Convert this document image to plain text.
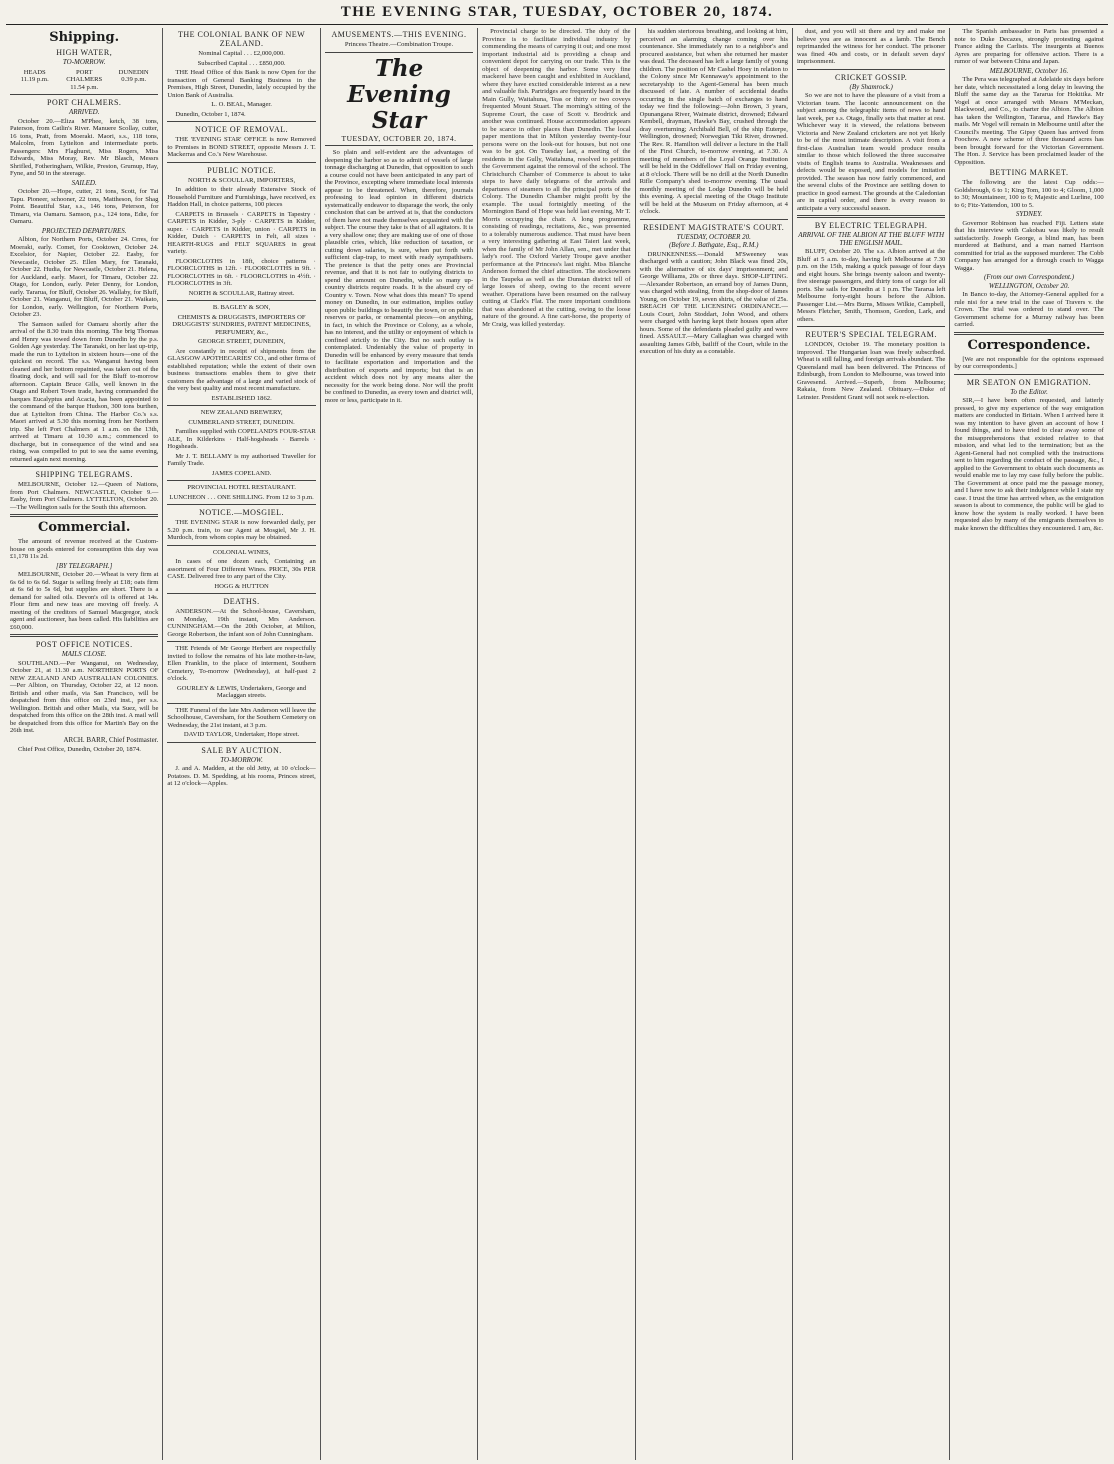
THE EVENING STAR, TUESDAY, OCTOBER 20, 1874.
Shipping.
HIGH WATER,
TO-MORROW.
HEADS
11.19 p.m.
PORT CHALMERS
11.54 p.m.
DUNEDIN
0.39 p.m.
PORT CHALMERS.
ARRIVED.

October 20.—Eliza M'Phee, ketch, 38 tons, Paterson, from Catlin's River. Manuere Scollay, cutter, 16 tons, Pratt, from Moeraki. Maori, s.s., 118 tons, Malcolm, from Lyttelton and intermediate ports. Passengers: Mrs Flaghurst, Miss Rogers, Miss Edwards, Miss Moray, Rev. Mr Blasch, Messrs Shrifled, Fotheringham, Wilkie, Preston, Grumup, Hay, Fyne, and 50 in the steerage.

SAILED.

October 20.—Hope, cutter, 21 tons, Scott, for Tai Tapu. Pioneer, schooner, 22 tons, Mattheson, for Shag Point. Beautiful Star, s.s., 146 tons, Peterson, for Timaru, via Oamaru. Samson, p.s., 124 tons, Edie, for Oamaru.

PROJECTED DEPARTURES.

Albion, for Northern Ports, October 24. Crres, for Moeraki, early. Comet, for Cooktown, October 24. Excelsior, for Napier, October 22. Easby, for Newcastle, October 25. Ellen Mary, for Taranaki, October 22. Hudia, for Newcastle, October 21. Helena, for Auckland, early. Maori, for Timaru, October 22. Otago, for London, early. Peter Denny, for London, early. Tararua, for Bluff, October 26. Wallaby, for Bluff, October 21. Wanganui, for Bluff, October 21. Waikato, for London, early. Wellington, for Northern Ports, October 23.

The Samson sailed for Oamaru shortly after the arrival of the 8.30 train this morning. The brig Thomas and Henry was towed down from Dunedin by the p.s. Golden Age yesterday. The Taranaki, on her last up-trip, made the run to Lyttelton in sixteen hours—one of the quickest on record. The s.s. Wanganui having been cleaned and her bottom repainted, was taken out of the floating dock, and will sail for the Bluff to-morrow afternoon. Captain Bruce Gills, well known in the Otago and Robert Town trade, having commanded the barques Eucalyptus and Acacia, has been appointed to the command of the barque Hudson, 300 tons burthen, due at Lyttelton from China. The Harbor Co.'s s.s. Maori arrived at 5.30 this morning from her Northern trip. She left Port Chalmers at 1 a.m. on the 13th, arrived at Timaru at 10.30 a.m.; commenced to discharge, but in consequence of the wind and sea rising, was compelled to put to sea the same evening, returned again next morning.

SHIPPING TELEGRAMS.

MELBOURNE, October 12.—Queen of Nations, from Port Chalmers. NEWCASTLE, October 9.—Easby, from Port Chalmers. LYTTELTON, October 20.—The Wellington sails for the South this afternoon.

Commercial.

The amount of revenue received at the Custom-house on goods entered for consumption this day was £1,178 11s 2d.

[BY TELEGRAPH.]

MELBOURNE, October 20.—Wheat is very firm at 6s 6d to 6s 6d. Sugar is selling freely at £18; oats firm at 6s 6d to 5s 6d, but supplies are short. There is a demand for salted oils. Devon's oil is offered at 14s. Flour firm and new teas are moving off freely. A meeting of the creditors of Samuel Macgregor, stock agent and auctioneer, has been called. His liabilities are £60,000.

POST OFFICE NOTICES.
MAILS CLOSE.

SOUTHLAND.—Per Wanganui, on Wednesday, October 21, at 11.30 a.m. NORTHERN PORTS OF NEW ZEALAND AND AUSTRALIAN COLONIES.—Per Albion, on Thursday, October 22, at 12 noon. British and other mails, via San Francisco, will be despatched from this office on 23rd inst., per s.s. Wellington. British and other Mails, via Suez, will be despatched from this office on the 28th inst. A mail will be despatched from this office for Martin's Bay on the 26th inst.

ARCH. BARR, Chief Postmaster.

Chief Post Office, Dunedin, October 20, 1874.

THE COLONIAL BANK OF NEW ZEALAND.
Nominal Capital . . . £2,000,000.
Subscribed Capital . . . £850,000.

THE Head Office of this Bank is now Open for the transaction of General Banking Business in the Premises, High Street, Dunedin, lately occupied by the Union Bank of Australia.

L. O. BEAL, Manager.

Dunedin, October 1, 1874.

NOTICE OF REMOVAL.

THE 'EVENING STAR' OFFICE is now Removed to Premises in BOND STREET, opposite Messrs J. T. Mackerras and Co.'s New Warehouse.

PUBLIC NOTICE.
NORTH & SCOULLAR, IMPORTERS,

In addition to their already Extensive Stock of Household Furniture and Furnishings, have received, ex Haddon Hall, in choice patterns, 100 pieces

CARPETS in Brussels · CARPETS in Tapestry · CARPETS in Kidder, 3-ply · CARPETS in Kidder, super. · CARPETS in Kidder, union · CARPETS in Kidder, Dutch · CARPETS in Felt, all sizes · HEARTH-RUGS and FELT SQUARES in great variety.

FLOORCLOTHS in 18ft, choice patterns · FLOORCLOTHS in 12ft. · FLOORCLOTHS in 9ft. · FLOORCLOTHS in 6ft. · FLOORCLOTHS in 4½ft. · FLOORCLOTHS in 3ft.

NORTH & SCOULLAR, Rattray street.
B. BAGLEY & SON,
CHEMISTS & DRUGGISTS, IMPORTERS OF DRUGGISTS' SUNDRIES, PATENT MEDICINES, PERFUMERY, &c.,
GEORGE STREET, DUNEDIN,

Are constantly in receipt of shipments from the GLASGOW APOTHECARIES' CO., and other firms of established reputation; while the extent of their own business transactions enables them to give their customers the advantage of a large and varied stock of the very best quality and most recent manufacture.

ESTABLISHED 1862.
NEW ZEALAND BREWERY,
CUMBERLAND STREET, DUNEDIN.

Families supplied with COPELAND'S FOUR-STAR ALE, In Kilderkins · Half-hogsheads · Barrels · Hogsheads.

Mr J. T. BELLAMY is my authorised Traveller for Family Trade.

JAMES COPELAND.
PROVINCIAL HOTEL RESTAURANT.
LUNCHEON . . . ONE SHILLING. From 12 to 3 p.m.
NOTICE.—MOSGIEL.

THE EVENING STAR is now forwarded daily, per 5.20 p.m. train, to our Agent at Mosgiel, Mr J. H. Murdoch, from whom copies may be obtained.

COLONIAL WINES,

In cases of one dozen each, Containing an assortment of Four Different Wines. PRICE, 30s PER CASE. Delivered free to any part of the City.

HOGG & HUTTON
DEATHS.

ANDERSON.—At the School-house, Caversham, on Monday, 19th instant, Mrs Anderson. CUNNINGHAM.—On the 20th October, at Milton, George Robertson, the infant son of John Cunningham.

THE Friends of Mr George Herbert are respectfully invited to follow the remains of his late mother-in-law, Ellen Franklin, to the place of interment, Southern Cemetery, To-morrow (Wednesday), at half-past 2 o'clock.

GOURLEY & LEWIS, Undertakers, George and Maclaggan streets.

THE Funeral of the late Mrs Anderson will leave the Schoolhouse, Caversham, for the Southern Cemetery on Wednesday, the 21st instant, at 3 p.m.

DAVID TAYLOR, Undertaker, Hope street.
SALE BY AUCTION.
TO-MORROW.

J. and A. Madden, at the old Jetty, at 10 o'clock—Potatoes. D. M. Spedding, at his rooms, Princes street, at 12 o'clock—Apples.

AMUSEMENTS.—THIS EVENING.
Princess Theatre.—Combination Troupe.
The Evening Star
TUESDAY, OCTOBER 20, 1874.

So plain and self-evident are the advantages of deepening the harbor so as to admit of vessels of large tonnage discharging at Dunedin, that opposition to such a course could not have been anticipated in any part of the Province, excepting where immediate local interests appear to be threatened. When, therefore, journals professing to lead opinion in different districts systematically endeavor to disparage the work, the only conclusion that can be arrived at is, that the conductors of them have not made themselves acquainted with the subject. The course they take is that of all agitators. It is a very shallow one; they are making use of one of those plausible cries, which, like reduction of taxation, or cutting down salaries, is sure, when put forth with sufficient clap-trap, to meet with ready sympathisers. The pretence is that the petty ones are Provincial revenue, and that it is not fair to outlying districts to spend the amount on Dunedin, while so many up-country districts require roads. It is the absurd cry of Country v. Town. Now what does this mean? To spend money on Dunedin, in our estimation, implies outlay upon public buildings to beautify the town, or on public reserves or parks, or ornamental pieces—on anything, in fact, in which the Province or Colony, as a whole, has no interest, and the utility or enjoyment of which is confined strictly to the City. But no such outlay is contemplated. Undeniably the value of property in Dunedin will be enhanced by every measure that tends to facilitate exportation and importation and the distribution of exports and imports; but that is an accident which does not by any means alter the necessity for the work being done. Nor will the profit be confined to Dunedin, as every town and district will, more or less, participate in it.

Provincial charge to be directed. The duty of the Province is to facilitate individual industry by commending the means of carrying it out; and one most important industrial aid is providing a cheap and convenient depot for carrying on our trade. This is the object of deepening the harbor. Some very fine mackerel have been caught and exhibited in Auckland, where they have excited considerable interest as a new and valuable fish. Partridges are frequently heard in the Main Gully, Waitahuna, Teas or thirty or two coveys frequented Mount Stuart. The morning's sitting of the Supreme Court, the case of Scott v. Brodrick and another was continued. House accommodation appears to be scarce in other places than Dunedin. The local paper mentions that in Milton yesterday twenty-four persons were on the look-out for houses, but not one was to be got. On Tuesday last, a meeting of the residents in the Gully, Waitahuna, resolved to petition the Government against the removal of the school. The Christchurch Chamber of Commerce is about to take steps to have daily telegrams of the arrivals and departures of steamers to all the principal ports of the Colony. The Dunedin Chamber might profit by the example. The usual fortnightly meeting of the Mornington Band of Hope was held last evening, Mr T. Morris occupying the chair. A long programme, consisting of readings, recitations, &c., was presented to a tolerably numerous audience. That must have been a very interesting gathering at East Taieri last week, when the family of Mr John Allan, sen., met under that lady's roof. The Oxford Variety Troupe gave another performance at the Princess's last night. Miss Blanche Anderson formed the chief attraction. The stockowners in the Taupeka as well as the Dunstan district tell of large losses of sheep, owing to the recent severe weather. Operations have been resumed on the railway cutting at Clark's Flat. The more important conditions that was abandoned at the cutting, owing to the loose nature of the ground. A fine cart-horse, the property of Mr Craig, was killed yesterday.

his sudden stertorous breathing, and looking at him, perceived an alarming change coming over his countenance. She immediately ran to a neighbor's and procured assistance, but when she returned her master was dead. The deceased has left a large family of young children. The position of Mr Cashel Hoey in relation to the Colony since Mr Kennaway's appointment to the secretaryship to the Agent-General has been much discussed of late. A number of accidental deaths occurring in the single batch of exchanges to hand today we find the following:—John Brown, 3 years, Opunangana River, Waimate district, drowned; Edward Kembell, drayman, Hawke's Bay, crushed through the dray overturning; Archibald Bell, of the ship Euterpe, Wellington, drowned; Norwegian Tiki River, drowned. The Rev. R. Hamilton will deliver a lecture in the Hall of the First Church, to-morrow evening, at 7.30. A meeting of members of the Loyal Orange Institution will be held in the Oddfellows' Hall on Friday evening, at 8 o'clock. There will be no drill at the North Dunedin Rifle Company's shed to-morrow evening. The usual monthly meeting of the Lodge Dunedin will be held this evening. A special meeting of the Otago Institute will be held at the Museum on Friday afternoon, at 4 o'clock.

RESIDENT MAGISTRATE'S COURT.
TUESDAY, OCTOBER 20.
(Before J. Bathgate, Esq., R.M.)

DRUNKENNESS.—Donald M'Sweeney was discharged with a caution; John Black was fined 20s, with the alternative of six days' imprisonment; and George Williams, 20s or three days. SHOP-LIFTING.—Alexander Robertson, an errand boy of James Dunn, was charged with stealing, from the shop-door of James Young, on October 19, seven shirts, of the value of 25s. BREACH OF THE LICENSING ORDINANCE.—Louis Court, John Stoddart, John Wood, and others were charged with having kept their houses open after hours. Some of the defendants pleaded guilty and were fined. ASSAULT.—Mary Callaghan was charged with assaulting James Gibb, bailiff of the Court, while in the execution of his duty as a constable.

dust, and you will sit there and try and make me believe you are as innocent as a lamb. The Bench reprimanded the witness for her conduct. The prisoner was fined 40s and costs, or in default seven days' imprisonment.

CRICKET GOSSIP.
(By Shamrock.)

So we are not to have the pleasure of a visit from a Victorian team. The laconic announcement on the subject among the telegraphic items of news to hand last week, per s.s. Otago, finally sets that matter at rest. Whichever way it is viewed, the relations between Victoria and New Zealand cricketers are not yet likely to be of the most intimate description. A visit from a first-class Australian team would produce results similar to those which followed the three successive visits of English teams to Australia. Weaknesses and defects would be exposed, and models for imitation provided. The season has now fairly commenced, and the several clubs of the Province are settling down to practice in good earnest. The grounds at the Caledonian are in capital order, and there is every reason to anticipate a very successful season.

BY ELECTRIC TELEGRAPH.
ARRIVAL OF THE ALBION AT THE BLUFF WITH THE ENGLISH MAIL.

BLUFF, October 20. The s.s. Albion arrived at the Bluff at 5 a.m. to-day, having left Melbourne at 7.30 p.m. on the 15th, making a quick passage of four days and eight hours. She brings twenty saloon and twenty-five steerage passengers, and thirty tons of cargo for all ports. She sails for Dunedin at 1 p.m. The Tararua left Melbourne forty-eight hours before the Albion. Passenger List.—Mrs Burns, Misses Wilkie, Campbell, Messrs Fletcher, Smith, Thomson, Gordon, Lark, and others.

REUTER'S SPECIAL TELEGRAM.

LONDON, October 19. The monetary position is improved. The Hungarian loan was freely subscribed. Wheat is still falling, and foreign arrivals abundant. The Queensland mail has been delivered. The Princess of Edinburgh, from London to Melbourne, was towed into Gravesend. Arrived.—Superb, from Melbourne; Rakaia, from New Zealand. Obituary.—Duke of Leinster. President Grant will not seek re-election.

The Spanish ambassador in Paris has presented a note to Duke Decazes, strongly protesting against France aiding the Carlists. The insurgents at Buenos Ayres are preparing for offensive action. There is a rumor of war between China and Japan.

MELBOURNE, October 16.

The Pera was telegraphed at Adelaide six days before her date, which necessitated a long delay in leaving the Bluff the same day as the Tararua for Hokitika. Mr Vogel at once arranged with Messrs M'Meckan, Blackwood, and Co., to charter the Albion. The Albion has taken the Wellington, Tararua, and Hawke's Bay mails. Mr Vogel will remain in Melbourne until after the Council's meeting. The Gipsy Queen has arrived from Foochow. A new scheme of three thousand acres has been brought forward for the Victorian Government. The Hon. J. Service has been proclaimed leader of the Opposition.

BETTING MARKET.

The following are the latest Cup odds:—Goldsbrough, 6 to 1; King Tom, 100 to 4; Gloom, 1,000 to 30; Mountaineer, 100 to 6; Majestic and Lurline, 100 to 6; Fitz-Yattendon, 100 to 5.

SYDNEY.

Governor Robinson has reached Fiji. Letters state that his interview with Cakobau was likely to result satisfactorily. Joseph George, a blind man, has been murdered at Bathurst, and a man named Harrison committed for trial as the supposed murderer. The Cobb Company has arranged for a through coach to Wagga Wagga.

(From our own Correspondent.)
WELLINGTON, October 20.

In Banco to-day, the Attorney-General applied for a rule nisi for a new trial in the case of Travers v. the Crown. The trial was ordered to stand over. The Government scheme for a Murray railway has been carried.

Correspondence.

[We are not responsible for the opinions expressed by our correspondents.]

MR SEATON ON EMIGRATION.
To the Editor.

SIR,—I have been often requested, and latterly pressed, to give my experience of the way emigration matters are conducted in Britain. When I arrived here it was my intention to have given an account of how I found things, and to have tried to clear away some of the misapprehensions that existed relative to that mission, and what led to the termination; but as the Agent-General had not complied with the instructions sent to him regarding the conduct of the passage, &c., I applied to the Government to obtain such documents as would enable me to lay my case fully before the public. The Government at once paid me the passage money, and I have now to ask their indulgence while I state my case. I trust the time has arrived when, as the emigration season is about to commence, the public will be glad to know how the system is really worked. I have been requested also by many of the emigrants themselves to make known the difficulties they encountered. I am, &c.
